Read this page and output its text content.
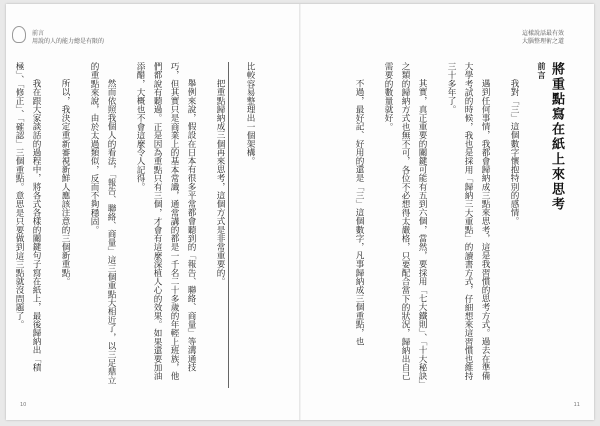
前言
用說的人的能力總是有限的
這樣說話最有效
大腦整理術之道
前言 將重點寫在紙上來思考

我對「三」這個數字懷抱特別的感情。

遇到任何事情，我都會歸納成三點來思考，這是我習慣的思考方式。過去在準備大學考試的時候，我也是採用「歸納三大重點」的讀書方式，仔細想來這習慣也維持三十多年了。

其實，真正重要的關鍵可能有五到六個，當然，要採用「七大鐵則」、「十大秘訣」之類的歸納方式也無不可，各位不必想得太嚴格，只要配合當下的狀況，歸納出自己需要的數量就好。

不過，最好記、好用的還是「三」這個數字，凡事歸納成三個重點，也

比較容易整理出一個架構。

把重點歸納成三個再來思考，這個方式是非常重要的。

舉例來說，假設在日本有很多平常都會聽到的「報告、聯絡、商量」等溝通技巧，但其實只是商業上的基本常識，通常講的都是一千名二十多歲的年輕上班族，他們都說有聽過。正是因為重點只有三個，才會有這麼深植人心的效果。如果還要加油添醋，大概也不會這麼令人記得。

然而依照我個人的看法，「報告、聯絡、商量」這三個重點大相近了，以三足鼎立的重點來說，由於太過類似，反而不夠穩固。

所以，我決定重新審視新鮮人應該注意的三個新重點。

我在跟大家談話的過程中，將各式各樣的關鍵句子寫在紙上，最後歸納出「積極」、「修正」、「確認」三個重點。意思是只要做到這三點就沒問題了。

10	11
